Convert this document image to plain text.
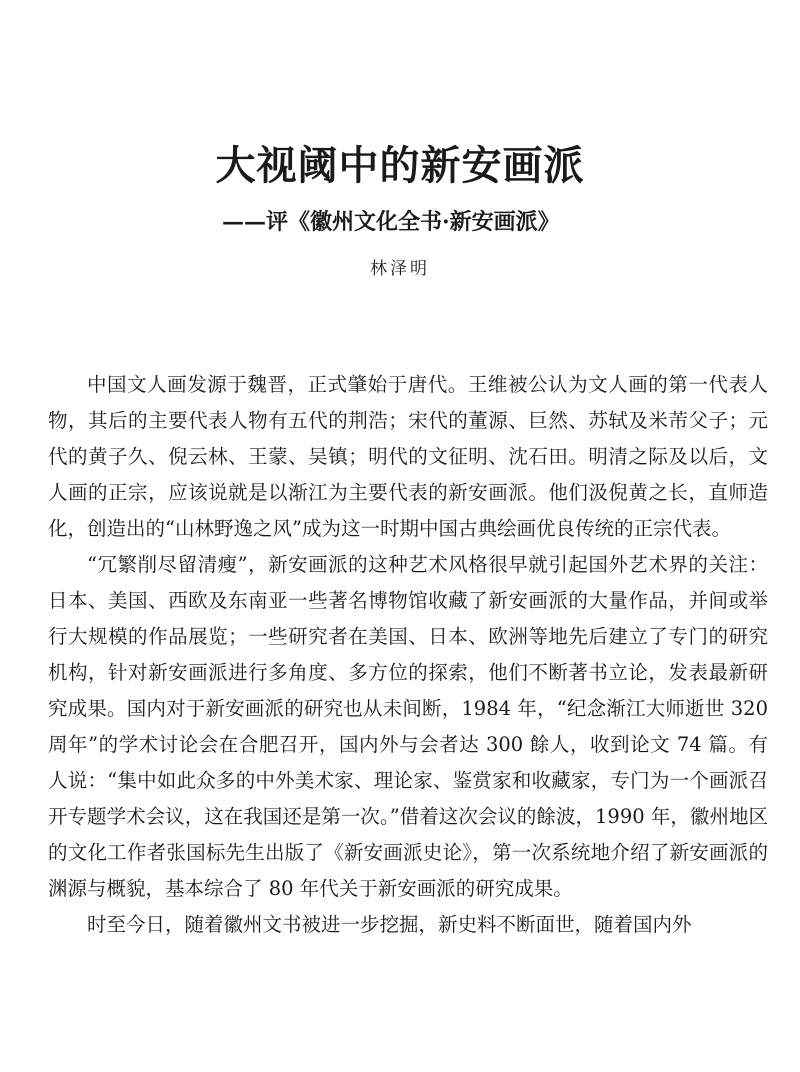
大视阈中的新安画派
——评《徽州文化全书·新安画派》
林泽明

中国文人画发源于魏晋，正式肇始于唐代。王维被公认为文人画的第一代表人物，其后的主要代表人物有五代的荆浩；宋代的董源、巨然、苏轼及米芾父子；元代的黄子久、倪云林、王蒙、吴镇；明代的文征明、沈石田。明清之际及以后，文人画的正宗，应该说就是以渐江为主要代表的新安画派。他们汲倪黄之长，直师造化，创造出的“山林野逸之风”成为这一时期中国古典绘画优良传统的正宗代表。

“冗繁削尽留清瘦”，新安画派的这种艺术风格很早就引起国外艺术界的关注：日本、美国、西欧及东南亚一些著名博物馆收藏了新安画派的大量作品，并间或举行大规模的作品展览；一些研究者在美国、日本、欧洲等地先后建立了专门的研究机构，针对新安画派进行多角度、多方位的探索，他们不断著书立论，发表最新研究成果。国内对于新安画派的研究也从未间断，1984 年，“纪念渐江大师逝世 320 周年”的学术讨论会在合肥召开，国内外与会者达 300 餘人，收到论文 74 篇。有人说：“集中如此众多的中外美术家、理论家、鉴赏家和收藏家，专门为一个画派召开专题学术会议，这在我国还是第一次。”借着这次会议的餘波，1990 年，徽州地区的文化工作者张国标先生出版了《新安画派史论》，第一次系统地介绍了新安画派的渊源与概貌，基本综合了 80 年代关于新安画派的研究成果。

时至今日，随着徽州文书被进一步挖掘，新史料不断面世，随着国内外
